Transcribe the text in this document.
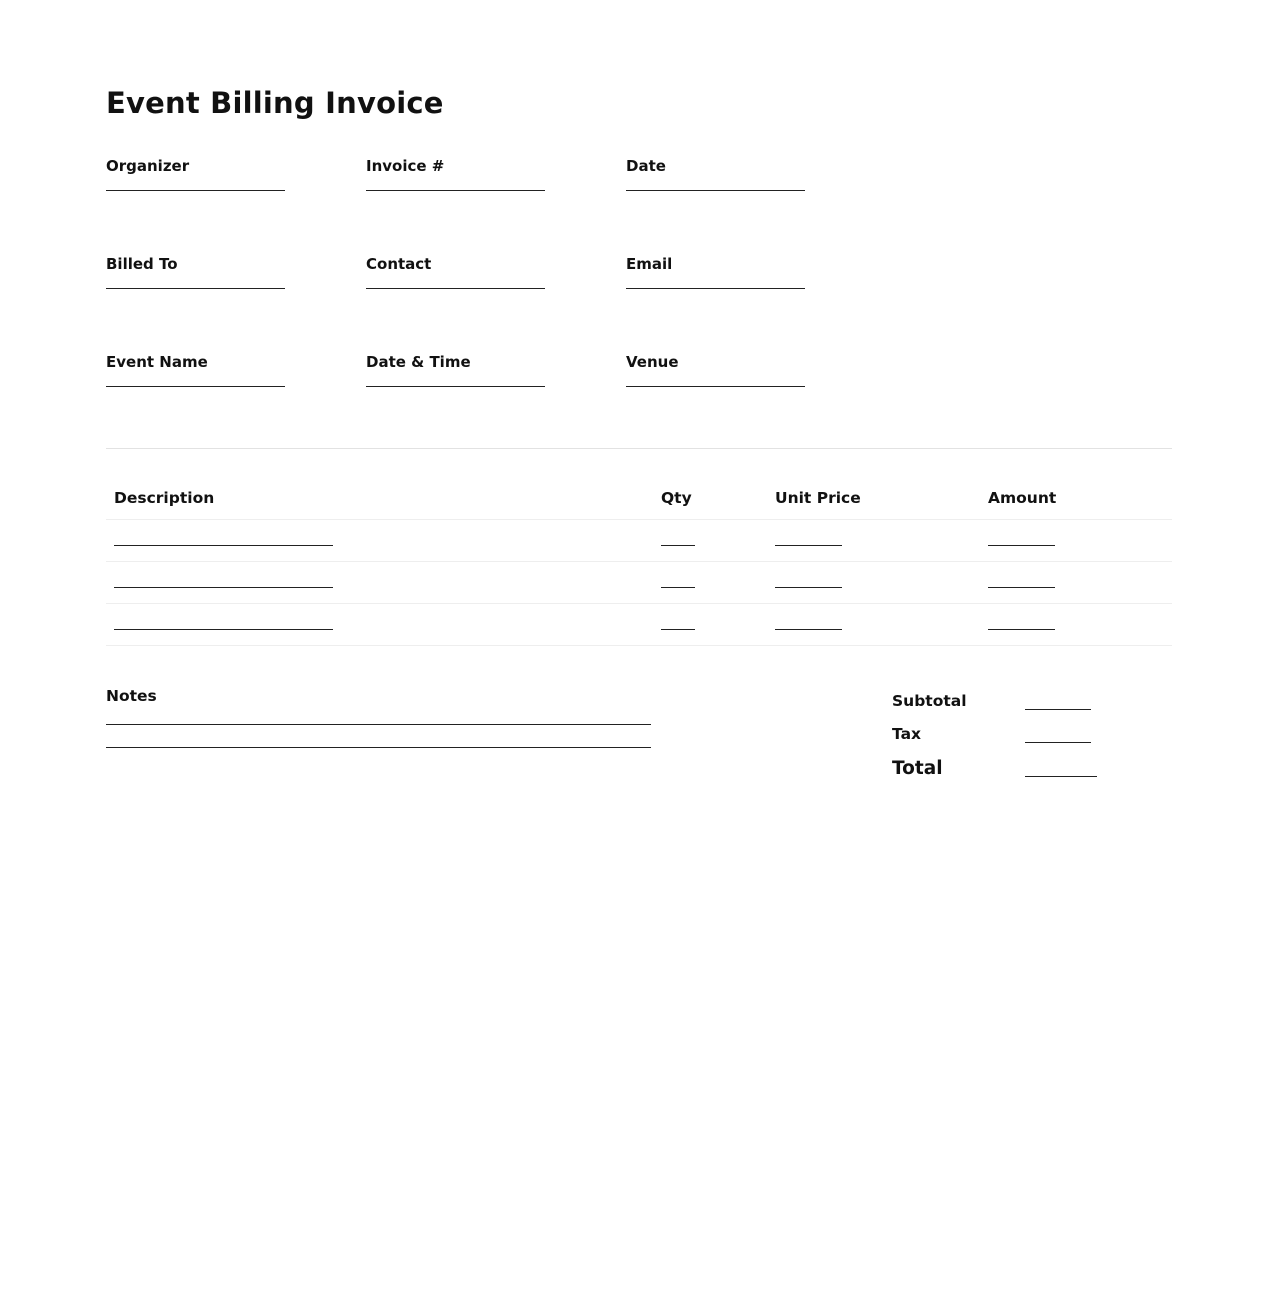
Event Billing Invoice
Organizer	Invoice #	Date
Billed To	Contact	Email
Event Name	Date & Time	Venue
Description	Qty	Unit Price	Amount
Notes	Subtotal
Tax
Total
